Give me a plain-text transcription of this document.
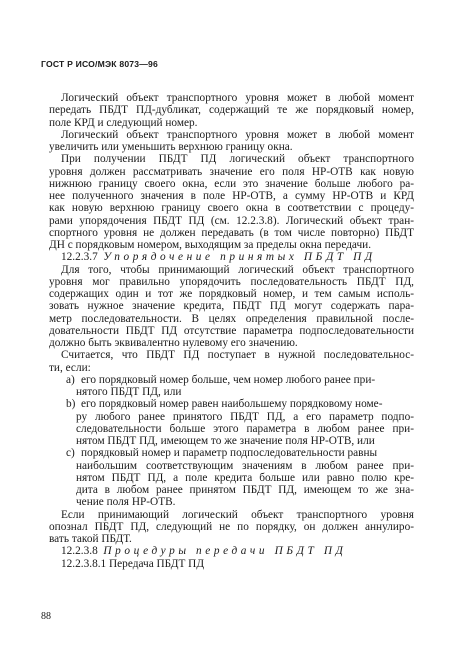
ГОСТ Р ИСО/МЭК 8073—96
Логический объект транспортного уровня может в любой момент
передать ПБДТ ПД-дубликат, содержащий те же порядковый номер,
поле КРД и следующий номер.
Логический объект транспортного уровня может в любой момент
увеличить или уменьшить верхнюю границу окна.
При получении ПБДТ ПД логический объект транспортного
уровня должен рассматривать значение его поля НР-ОТВ как новую
нижнюю границу своего окна, если это значение больше любого ра-
нее полученного значения в поле НР-ОТВ, а сумму НР-ОТВ и КРД
как новую верхнюю границу своего окна в соответствии с процеду-
рами упорядочения ПБДТ ПД (см. 12.2.3.8). Логический объект тран-
спортного уровня не должен передавать (в том числе повторно) ПБДТ
ДН с порядковым номером, выходящим за пределы окна передачи.
12.2.3.7 Упорядочение принятых ПБДТ ПД
Для того, чтобы принимающий логический объект транспортного
уровня мог правильно упорядочить последовательность ПБДТ ПД,
содержащих один и тот же порядковый номер, и тем самым исполь-
зовать нужное значение кредита, ПБДТ ПД могут содержать пара-
метр последовательности. В целях определения правильной после-
довательности ПБДТ ПД отсутствие параметра подпоследовательности
должно быть эквивалентно нулевому его значению.
Считается, что ПБДТ ПД поступает в нужной последовательнос-
ти, если:
a) его порядковый номер больше, чем номер любого ранее при-
нятого ПБДТ ПД, или
b) его порядковый номер равен наибольшему порядковому номе-
ру любого ранее принятого ПБДТ ПД, а его параметр подпо-
следовательности больше этого параметра в любом ранее при-
нятом ПБДТ ПД, имеющем то же значение поля НР-ОТВ, или
c) порядковый номер и параметр подпоследовательности равны
наибольшим соответствующим значениям в любом ранее при-
нятом ПБДТ ПД, а поле кредита больше или равно полю кре-
дита в любом ранее принятом ПБДТ ПД, имеющем то же зна-
чение поля НР-ОТВ.
Если принимающий логический объект транспортного уровня
опознал ПБДТ ПД, следующий не по порядку, он должен аннулиро-
вать такой ПБДТ.
12.2.3.8 Процедуры передачи ПБДТ ПД
12.2.3.8.1 Передача ПБДТ ПД
88
